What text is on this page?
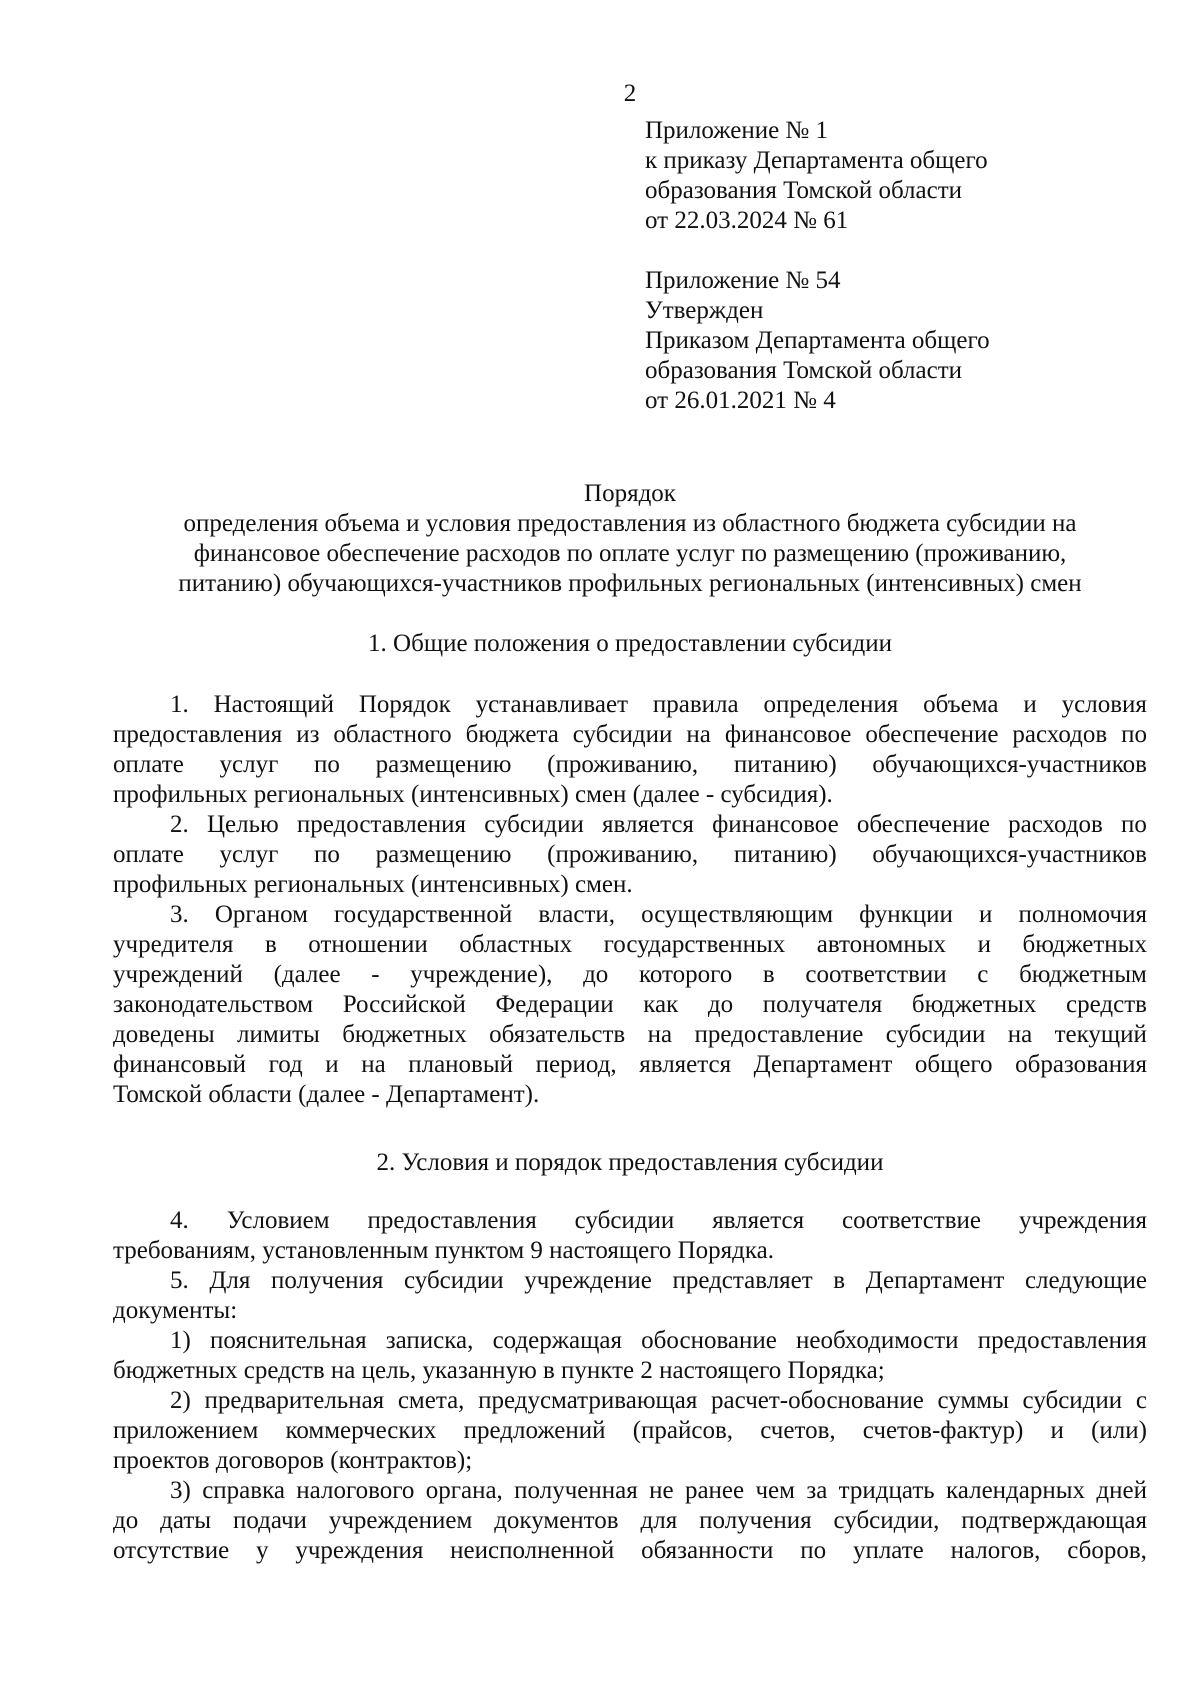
2
Приложение № 1
к приказу Департамента общего
образования Томской области
от 22.03.2024 № 61
Приложение № 54
Утвержден
Приказом Департамента общего
образования Томской области
от 26.01.2021 № 4
Порядок
определения объема и условия предоставления из областного бюджета субсидии на
финансовое обеспечение расходов по оплате услуг по размещению (проживанию,
питанию) обучающихся-участников профильных региональных (интенсивных) смен
1. Общие положения о предоставлении субсидии
1. Настоящий Порядок устанавливает правила определения объема и условия
предоставления из областного бюджета субсидии на финансовое обеспечение расходов по
оплате услуг по размещению (проживанию, питанию) обучающихся-участников
профильных региональных (интенсивных) смен (далее - субсидия).
2. Целью предоставления субсидии является финансовое обеспечение расходов по
оплате услуг по размещению (проживанию, питанию) обучающихся-участников
профильных региональных (интенсивных) смен.
3. Органом государственной власти, осуществляющим функции и полномочия
учредителя в отношении областных государственных автономных и бюджетных
учреждений (далее - учреждение), до которого в соответствии с бюджетным
законодательством Российской Федерации как до получателя бюджетных средств
доведены лимиты бюджетных обязательств на предоставление субсидии на текущий
финансовый год и на плановый период, является Департамент общего образования
Томской области (далее - Департамент).
2. Условия и порядок предоставления субсидии
4. Условием предоставления субсидии является соответствие учреждения
требованиям, установленным пунктом 9 настоящего Порядка.
5. Для получения субсидии учреждение представляет в Департамент следующие
документы:
1) пояснительная записка, содержащая обоснование необходимости предоставления
бюджетных средств на цель, указанную в пункте 2 настоящего Порядка;
2) предварительная смета, предусматривающая расчет-обоснование суммы субсидии с
приложением коммерческих предложений (прайсов, счетов, счетов-фактур) и (или)
проектов договоров (контрактов);
3) справка налогового органа, полученная не ранее чем за тридцать календарных дней
до даты подачи учреждением документов для получения субсидии, подтверждающая
отсутствие у учреждения неисполненной обязанности по уплате налогов, сборов,
